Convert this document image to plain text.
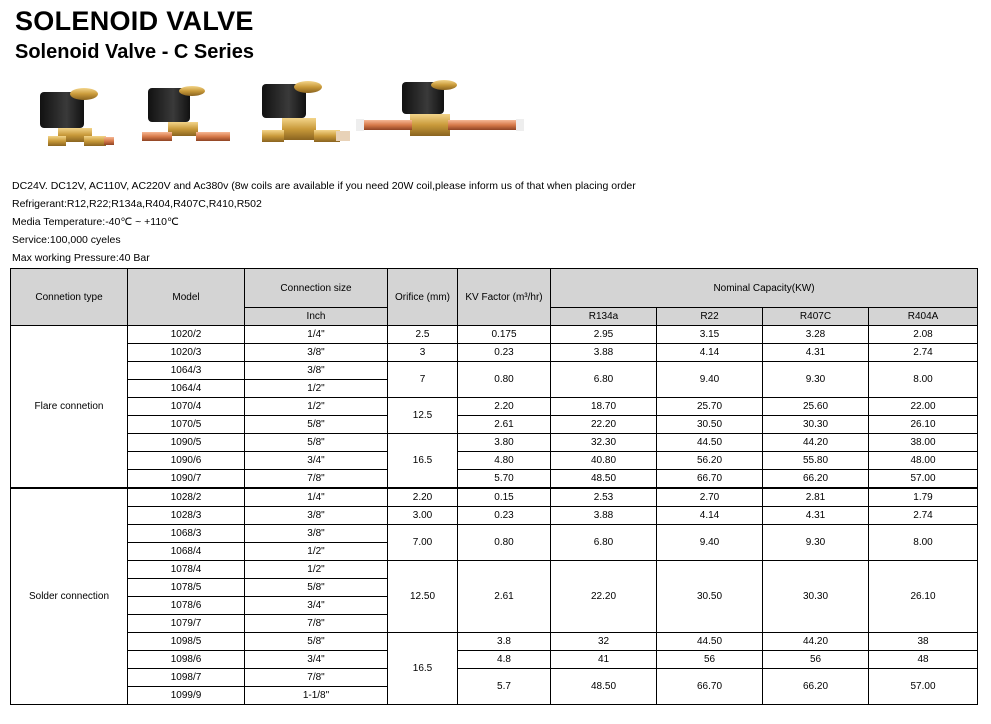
SOLENOID VALVE
Solenoid Valve - C Series
DC24V. DC12V, AC110V, AC220V and Ac380v (8w coils are available if you need 20W coil,please inform us of that when placing order
Refrigerant:R12,R22;R134a,R404,R407C,R410,R502
Media Temperature:-40℃ ~ +110℃
Service:100,000 cyeles
Max working Pressure:40 Bar
Connetion type	Model	Connection size	Orifice (mm)	KV Factor (m³/hr)	Nominal Capacity(KW)			
		Inch			R134a	R22	R407C	R404A
Flare connetion	1020/2	1/4"	2.5	0.175	2.95	3.15	3.28	2.08
	1020/3	3/8"	3	0.23	3.88	4.14	4.31	2.74
	1064/3	3/8"	7	0.80	6.80	9.40	9.30	8.00
	1064/4	1/2"						
	1070/4	1/2"	12.5	2.20	18.70	25.70	25.60	22.00
	1070/5	5/8"		2.61	22.20	30.50	30.30	26.10
	1090/5	5/8"	16.5	3.80	32.30	44.50	44.20	38.00
	1090/6	3/4"		4.80	40.80	56.20	55.80	48.00
	1090/7	7/8"		5.70	48.50	66.70	66.20	57.00
Solder connection	1028/2	1/4"	2.20	0.15	2.53	2.70	2.81	1.79
	1028/3	3/8"	3.00	0.23	3.88	4.14	4.31	2.74
	1068/3	3/8"	7.00	0.80	6.80	9.40	9.30	8.00
	1068/4	1/2"						
	1078/4	1/2"	12.50	2.61	22.20	30.50	30.30	26.10
	1078/5	5/8"						
	1078/6	3/4"						
	1079/7	7/8"						
	1098/5	5/8"	16.5	3.8	32	44.50	44.20	38
	1098/6	3/4"		4.8	41	56	56	48
	1098/7	7/8"		5.7	48.50	66.70	66.20	57.00
	1099/9	1-1/8"						
